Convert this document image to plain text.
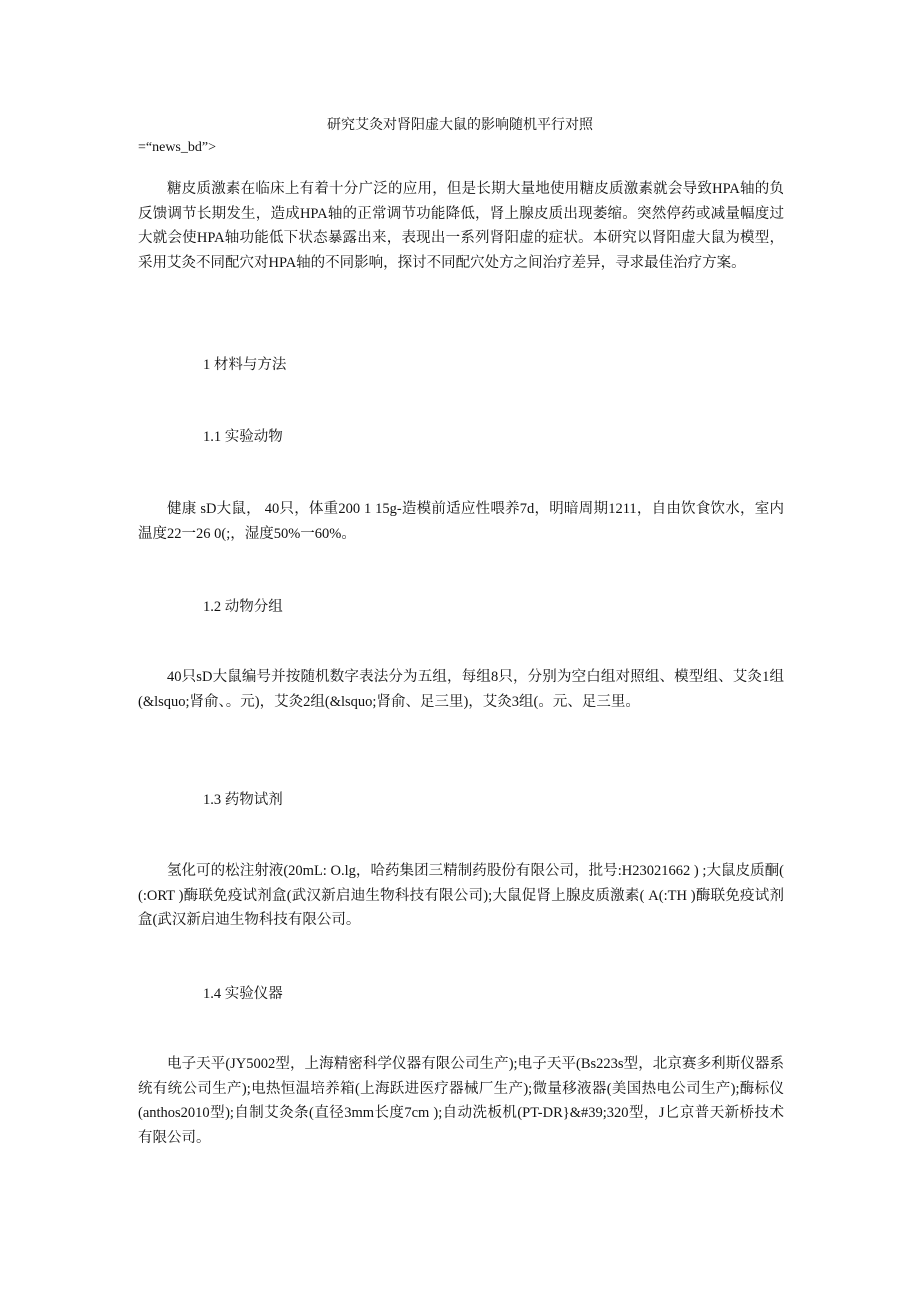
研究艾灸对肾阳虚大鼠的影响随机平行对照
=“news_bd”>

糖皮质激素在临床上有着十分广泛的应用，但是长期大量地使用糖皮质激素就会导致HPA轴的负反馈调节长期发生，造成HPA轴的正常调节功能降低，肾上腺皮质出现萎缩。突然停药或减量幅度过大就会使HPA轴功能低下状态暴露出来，表现出一系列肾阳虚的症状。本研究以肾阳虚大鼠为模型，采用艾灸不同配穴对HPA轴的不同影响，探讨不同配穴处方之间治疗差异，寻求最佳治疗方案。

1 材料与方法
1.1 实验动物

健康 sD大鼠， 40只，体重200 1 15g-造模前适应性喂养7d，明暗周期1211，自由饮食饮水，室内温度22一26 0(;，湿度50%一60%。

1.2 动物分组

40只sD大鼠编号并按随机数字表法分为五组，每组8只，分别为空白组对照组、模型组、艾灸1组(&lsquo;肾俞、。元)，艾灸2组(&lsquo;肾俞、足三里)，艾灸3组(。元、足三里。

1.3 药物试剂

氢化可的松注射液(20mL: O.lg，哈药集团三精制药股份有限公司，批号:H23021662 ) ;大鼠皮质酮( (:ORT )酶联免疫试剂盒(武汉新启迪生物科技有限公司);大鼠促肾上腺皮质激素( A(:TH )酶联免疫试剂盒(武汉新启迪生物科技有限公司。

1.4 实验仪器

电子天平(JY5002型，上海精密科学仪器有限公司生产);电子天平(Bs223s型，北京赛多利斯仪器系统有统公司生产);电热恒温培养箱(上海跃进医疗器械厂生产);微量移液器(美国热电公司生产);酶标仪(anthos2010型);自制艾灸条(直径3mm长度7cm );自动洗板机(PT-DR}&#39;320型，J匕京普天新桥技术有限公司。
